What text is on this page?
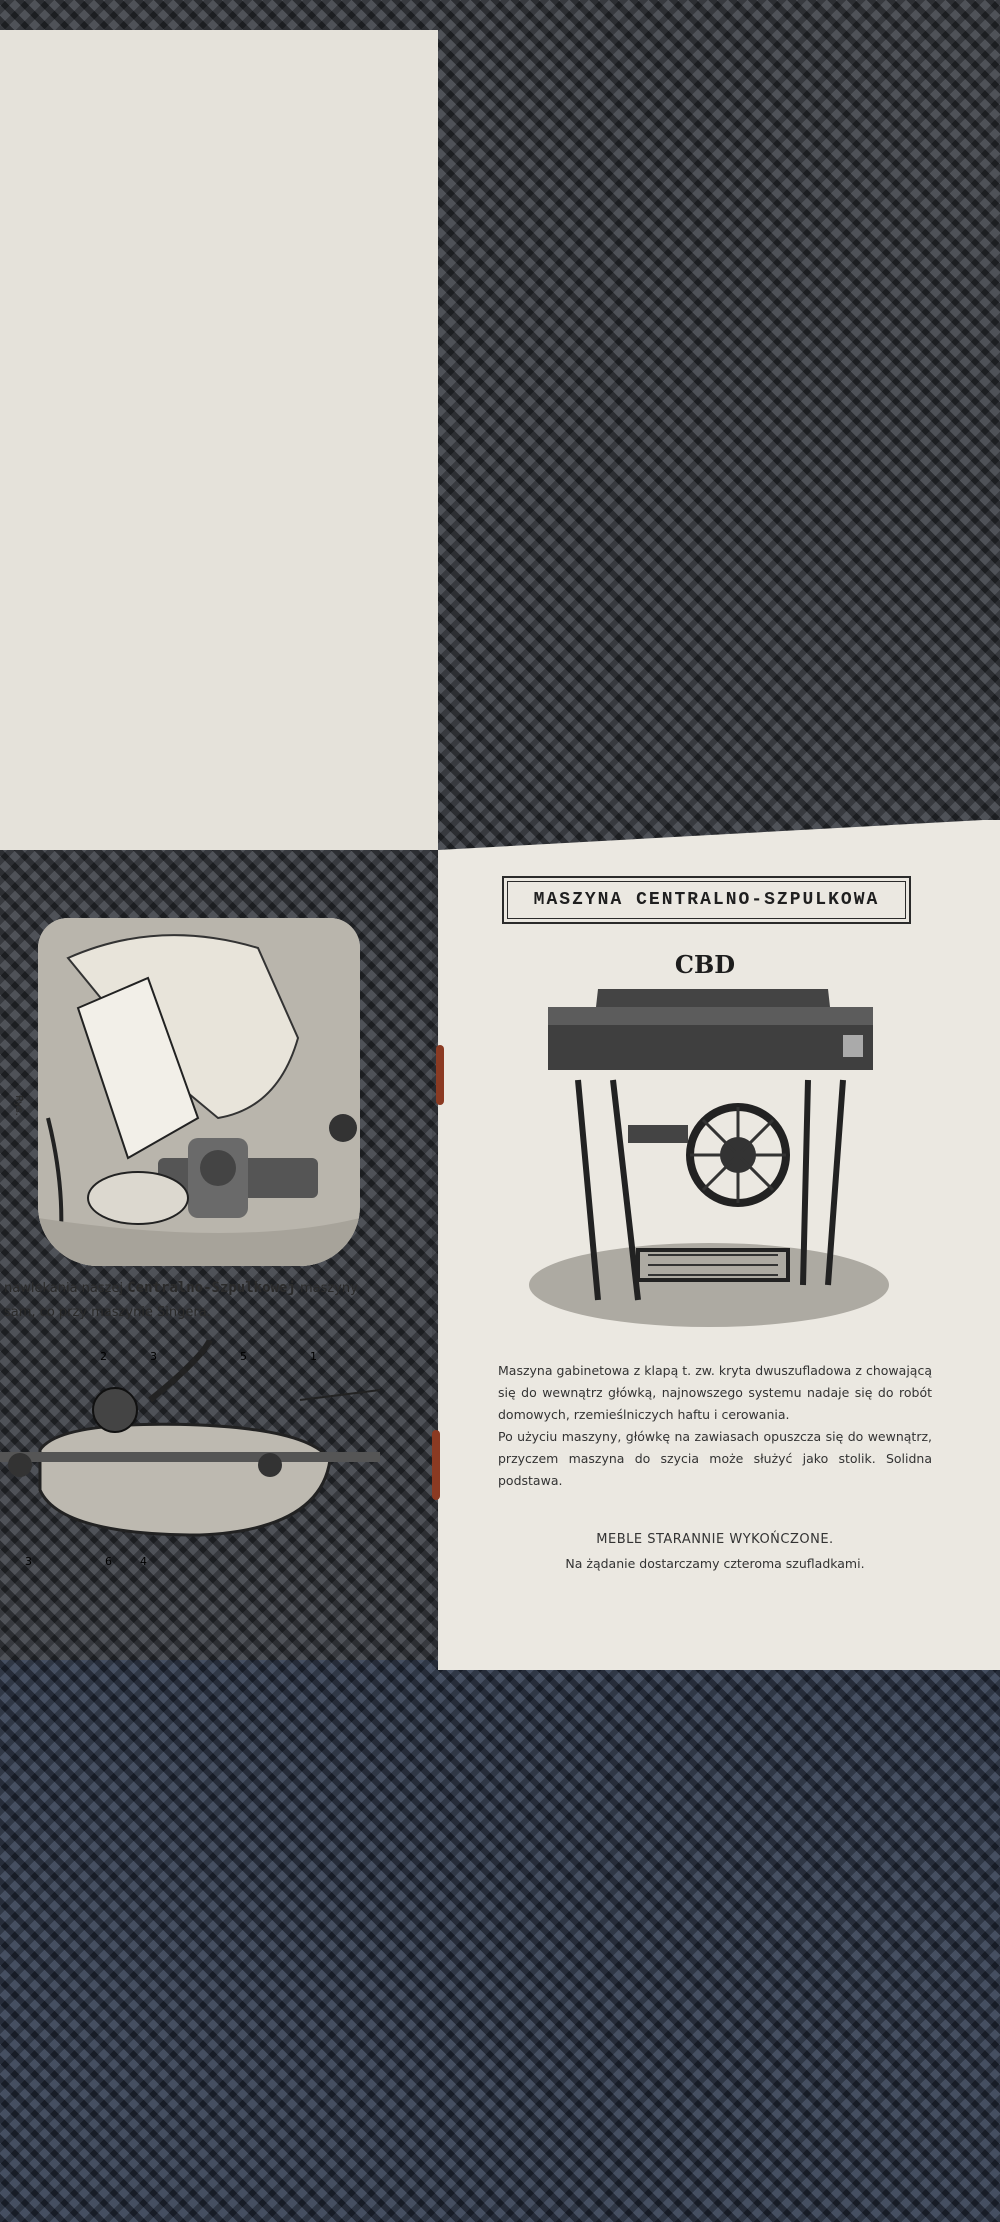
Rys.
nawlekania naszej Centralno-Szpulkowej maszyny
sam, co przy maszynie Singera.
2	3	5	1
3	6	4
MASZYNA CENTRALNO-SZPULKOWA
CBD

Maszyna gabinetowa z klapą t. zw. kryta dwuszufladowa z chowającą się do wewnątrz główką, najnowszego systemu nadaje się do robót domowych, rzemieślniczych haftu i cerowania.

Po użyciu maszyny, główkę na zawiasach opuszcza się do wewnątrz, przyczem maszyna do szycia może służyć jako stolik. Solidna podstawa.

MEBLE STARANNIE WYKOŃCZONE.
Na żądanie dostarczamy czteroma szufladkami.
